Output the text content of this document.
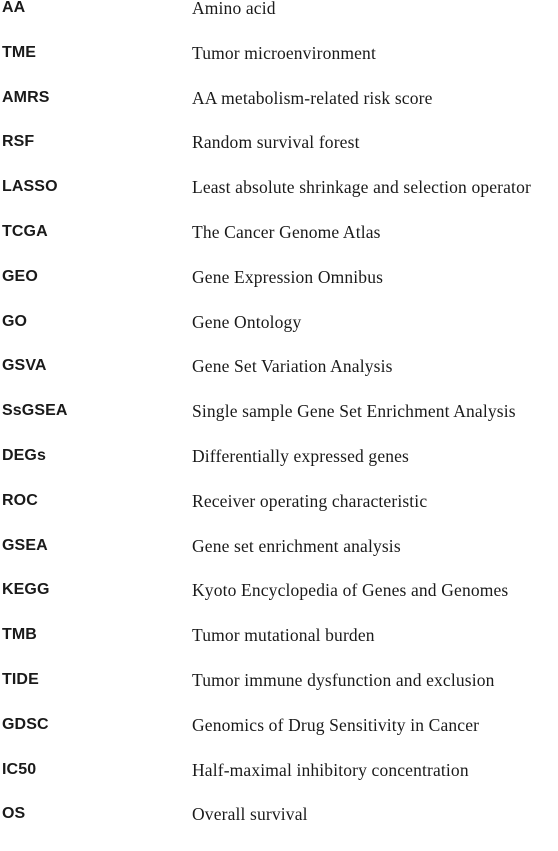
AA	Amino acid
TME	Tumor microenvironment
AMRS	AA metabolism-related risk score
RSF	Random survival forest
LASSO	Least absolute shrinkage and selection operator
TCGA	The Cancer Genome Atlas
GEO	Gene Expression Omnibus
GO	Gene Ontology
GSVA	Gene Set Variation Analysis
SsGSEA	Single sample Gene Set Enrichment Analysis
DEGs	Differentially expressed genes
ROC	Receiver operating characteristic
GSEA	Gene set enrichment analysis
KEGG	Kyoto Encyclopedia of Genes and Genomes
TMB	Tumor mutational burden
TIDE	Tumor immune dysfunction and exclusion
GDSC	Genomics of Drug Sensitivity in Cancer
IC50	Half-maximal inhibitory concentration
OS	Overall survival
